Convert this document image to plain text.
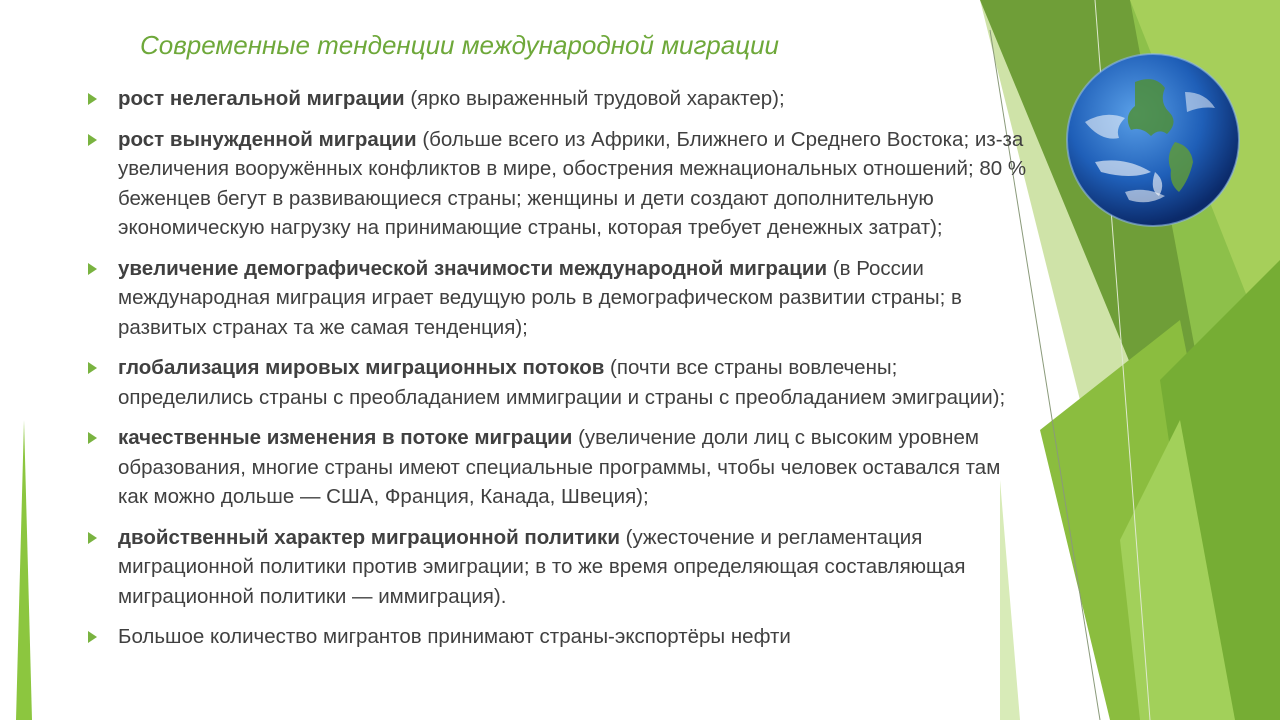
Современные тенденции международной миграции
рост нелегальной миграции (ярко выраженный трудовой характер);
рост вынужденной миграции (больше всего из Африки, Ближнего и Среднего Востока; из-за увеличения вооружённых конфликтов в мире, обострения межнациональных отношений; 80 % беженцев бегут в развивающиеся страны; женщины и дети создают дополнительную экономическую нагрузку на принимающие страны, которая требует денежных затрат);
увеличение демографической значимости международной миграции (в России международная миграция играет ведущую роль в демографическом развитии страны; в развитых странах та же самая тенденция);
глобализация мировых миграционных потоков (почти все страны вовлечены; определились страны с преобладанием иммиграции и страны с преобладанием эмиграции);
качественные изменения в потоке миграции (увеличение доли лиц с высоким уровнем образования, многие страны имеют специальные программы, чтобы человек оставался там как можно дольше — США, Франция, Канада, Швеция);
двойственный характер миграционной политики (ужесточение и регламентация миграционной политики против эмиграции; в то же время определяющая составляющая миграционной политики — иммиграция).
Большое количество мигрантов принимают страны-экспортёры нефти
